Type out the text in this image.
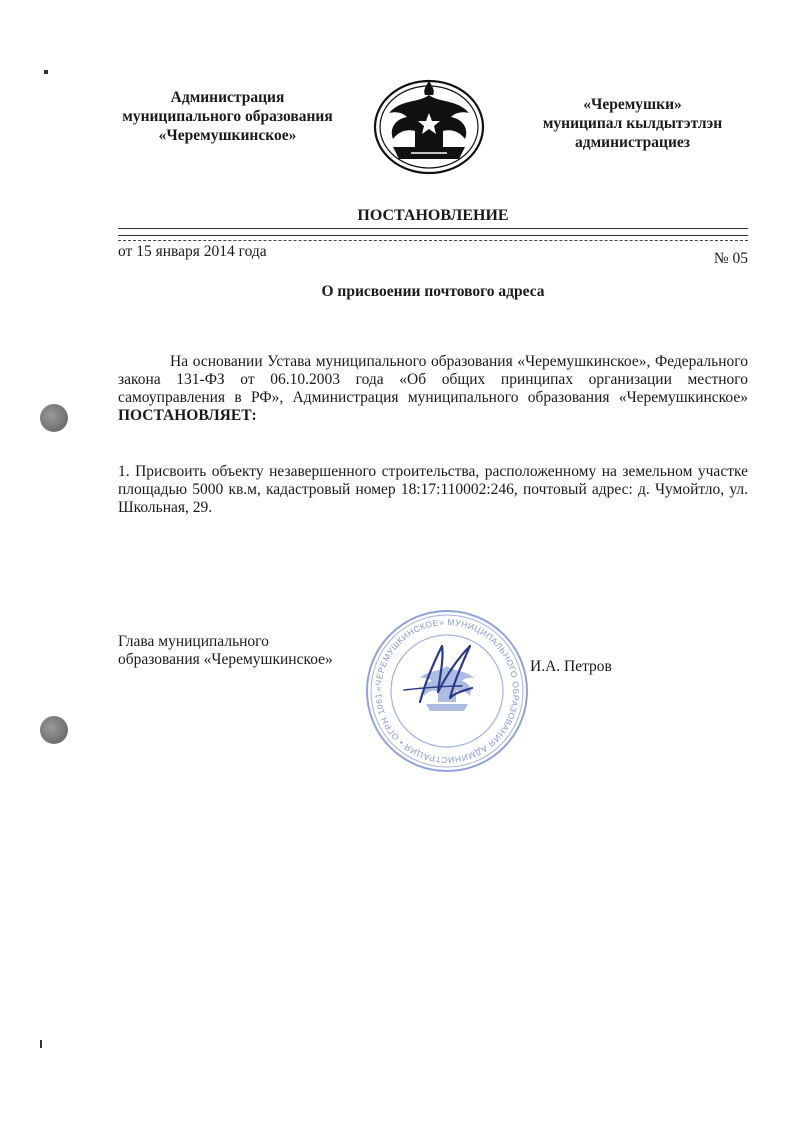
Администрация
муниципального образования
«Черемушкинское»
«Черемушки»
муниципал кылдытэтлэн
администрациез
ПОСТАНОВЛЕНИЕ
от 15 января 2014 года	№ 05
О присвоении почтового адреса
На основании Устава муниципального образования «Черемушкинское», Федерального закона 131-ФЗ от 06.10.2003 года «Об общих принципах организации местного самоуправления в РФ», Администрация муниципального образования «Черемушкинское» ПОСТАНОВЛЯЕТ:
1. Присвоить объекту незавершенного строительства, расположенному на земельном участке площадью 5000 кв.м, кадастровый номер 18:17:110002:246, почтовый адрес: д. Чумойтло, ул. Школьная, 29.
Глава муниципального
образования «Черемушкинское»	И.А. Петров
«ЧЕРЕМУШКИНСКОЕ» МУНИЦИПАЛЬНОГО ОБРАЗОВАНИЯ АДМИНИСТРАЦИЯ • ОГРН 1061
